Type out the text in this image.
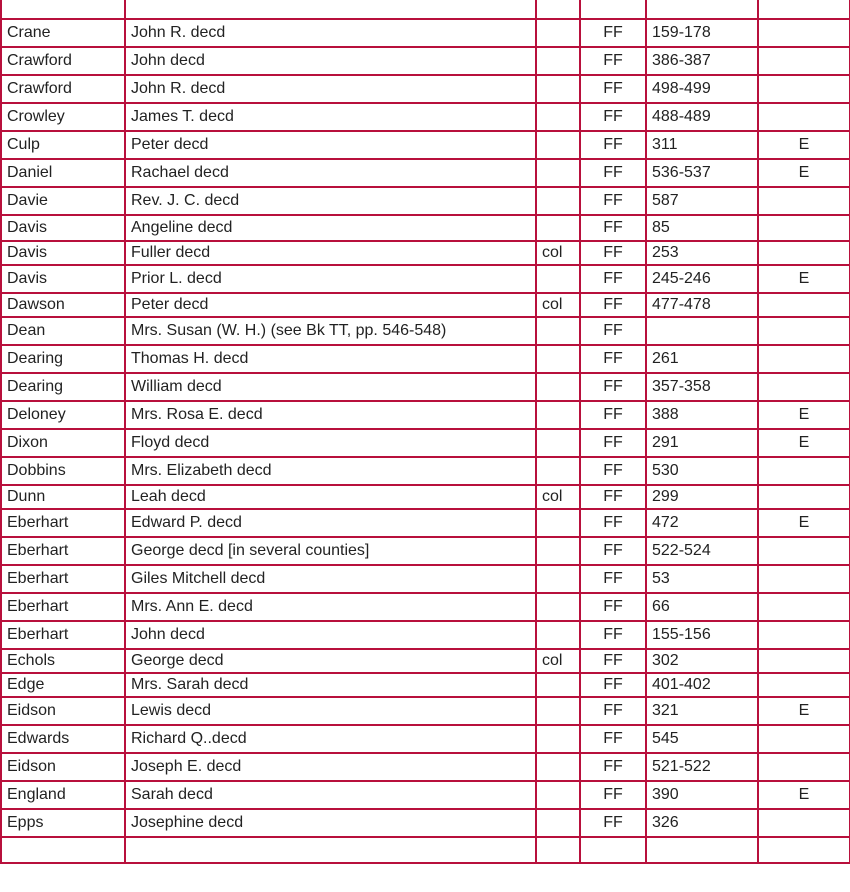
Crane	John R. decd		FF	159-178	
Crawford	John decd		FF	386-387	
Crawford	John R. decd		FF	498-499	
Crowley	James T. decd		FF	488-489	
Culp	Peter decd		FF	311	E
Daniel	Rachael decd		FF	536-537	E
Davie	Rev. J. C. decd		FF	587	
Davis	Angeline decd		FF	85	
Davis	Fuller decd	col	FF	253	
Davis	Prior L. decd		FF	245-246	E
Dawson	Peter decd	col	FF	477-478	
Dean	Mrs. Susan (W. H.) (see Bk TT, pp. 546-548)		FF		
Dearing	Thomas H. decd		FF	261	
Dearing	William decd		FF	357-358	
Deloney	Mrs. Rosa E. decd		FF	388	E
Dixon	Floyd decd		FF	291	E
Dobbins	Mrs. Elizabeth decd		FF	530	
Dunn	Leah decd	col	FF	299	
Eberhart	Edward P. decd		FF	472	E
Eberhart	George decd [in several counties]		FF	522-524	
Eberhart	Giles Mitchell decd		FF	53	
Eberhart	Mrs. Ann E. decd		FF	66	
Eberhart	John decd		FF	155-156	
Echols	George decd	col	FF	302	
Edge	Mrs. Sarah decd		FF	401-402	
Eidson	Lewis decd		FF	321	E
Edwards	Richard Q..decd		FF	545	
Eidson	Joseph E. decd		FF	521-522	
England	Sarah decd		FF	390	E
Epps	Josephine decd		FF	326	
